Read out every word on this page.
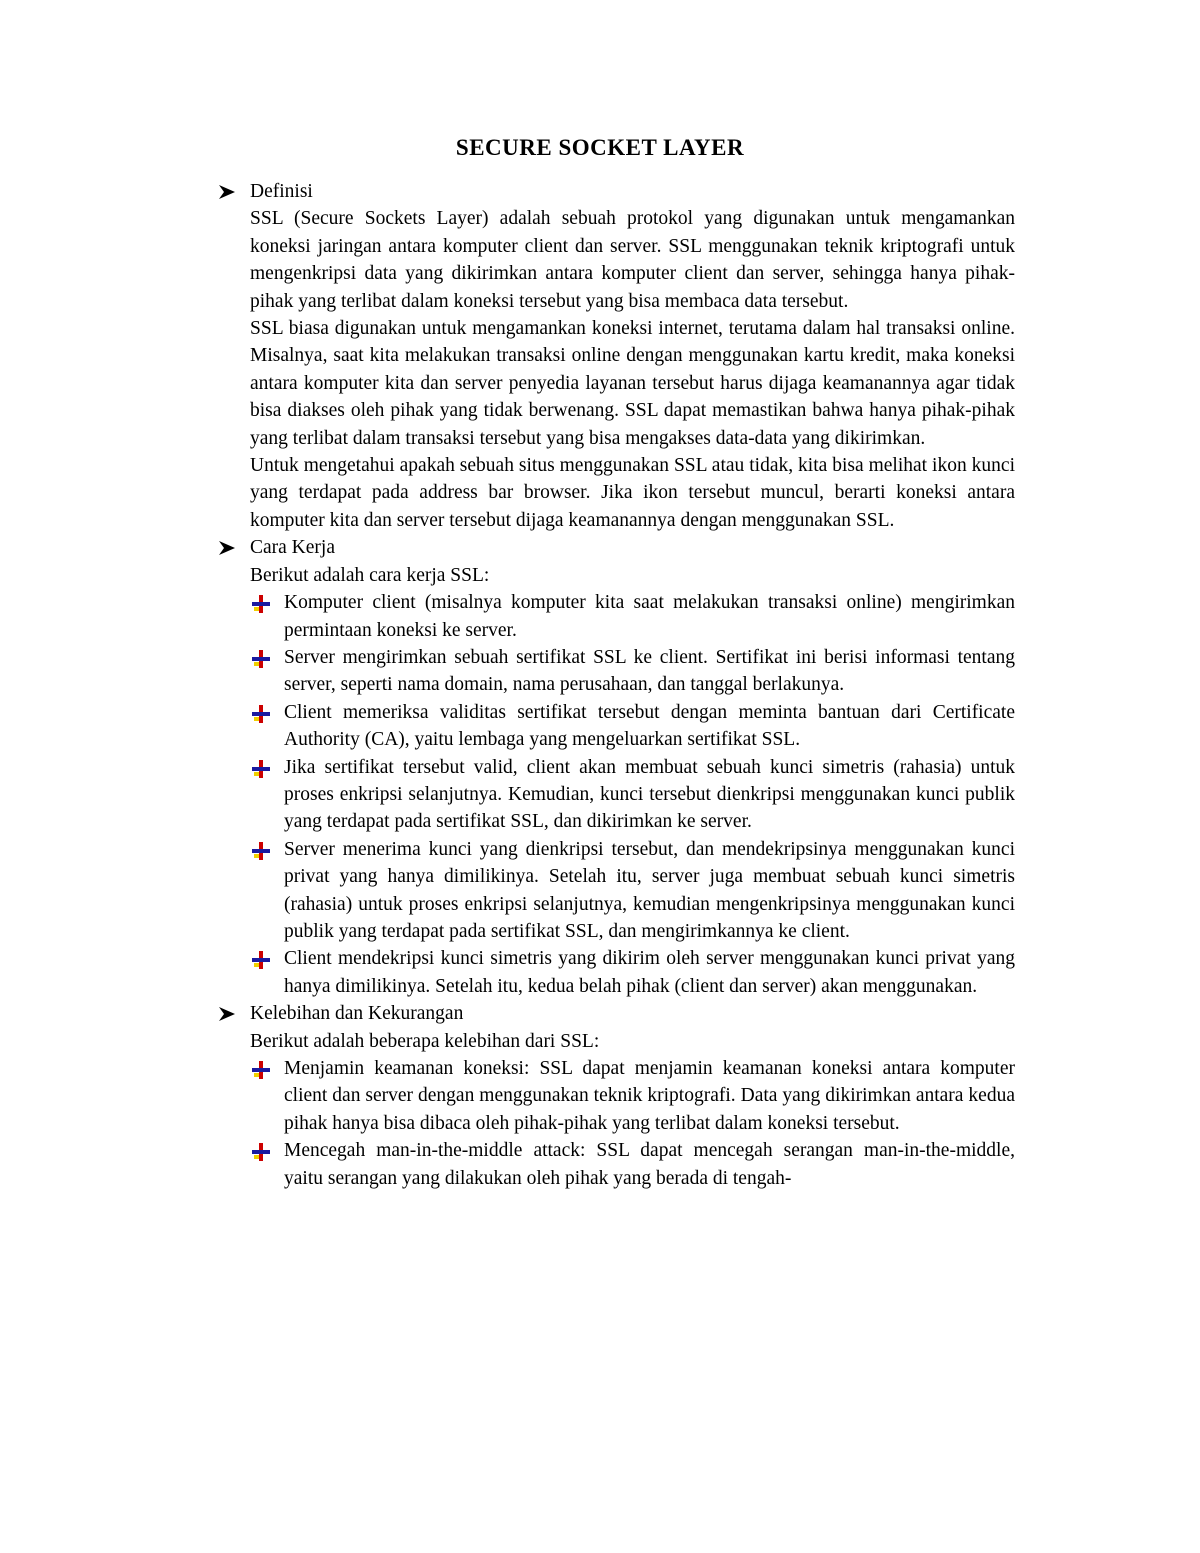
SECURE SOCKET LAYER
Definisi

SSL (Secure Sockets Layer) adalah sebuah protokol yang digunakan untuk mengamankan koneksi jaringan antara komputer client dan server. SSL menggunakan teknik kriptografi untuk mengenkripsi data yang dikirimkan antara komputer client dan server, sehingga hanya pihak-pihak yang terlibat dalam koneksi tersebut yang bisa membaca data tersebut.

SSL biasa digunakan untuk mengamankan koneksi internet, terutama dalam hal transaksi online. Misalnya, saat kita melakukan transaksi online dengan menggunakan kartu kredit, maka koneksi antara komputer kita dan server penyedia layanan tersebut harus dijaga keamanannya agar tidak bisa diakses oleh pihak yang tidak berwenang. SSL dapat memastikan bahwa hanya pihak-pihak yang terlibat dalam transaksi tersebut yang bisa mengakses data-data yang dikirimkan.

Untuk mengetahui apakah sebuah situs menggunakan SSL atau tidak, kita bisa melihat ikon kunci yang terdapat pada address bar browser. Jika ikon tersebut muncul, berarti koneksi antara komputer kita dan server tersebut dijaga keamanannya dengan menggunakan SSL.

Cara Kerja

Berikut adalah cara kerja SSL:

Komputer client (misalnya komputer kita saat melakukan transaksi online) mengirimkan permintaan koneksi ke server.
Server mengirimkan sebuah sertifikat SSL ke client. Sertifikat ini berisi informasi tentang server, seperti nama domain, nama perusahaan, dan tanggal berlakunya.
Client memeriksa validitas sertifikat tersebut dengan meminta bantuan dari Certificate Authority (CA), yaitu lembaga yang mengeluarkan sertifikat SSL.
Jika sertifikat tersebut valid, client akan membuat sebuah kunci simetris (rahasia) untuk proses enkripsi selanjutnya. Kemudian, kunci tersebut dienkripsi menggunakan kunci publik yang terdapat pada sertifikat SSL, dan dikirimkan ke server.
Server menerima kunci yang dienkripsi tersebut, dan mendekripsinya menggunakan kunci privat yang hanya dimilikinya. Setelah itu, server juga membuat sebuah kunci simetris (rahasia) untuk proses enkripsi selanjutnya, kemudian mengenkripsinya menggunakan kunci publik yang terdapat pada sertifikat SSL, dan mengirimkannya ke client.
Client mendekripsi kunci simetris yang dikirim oleh server menggunakan kunci privat yang hanya dimilikinya. Setelah itu, kedua belah pihak (client dan server) akan menggunakan.
Kelebihan dan Kekurangan

Berikut adalah beberapa kelebihan dari SSL:

Menjamin keamanan koneksi: SSL dapat menjamin keamanan koneksi antara komputer client dan server dengan menggunakan teknik kriptografi. Data yang dikirimkan antara kedua pihak hanya bisa dibaca oleh pihak-pihak yang terlibat dalam koneksi tersebut.
Mencegah man-in-the-middle attack: SSL dapat mencegah serangan man-in-the-middle, yaitu serangan yang dilakukan oleh pihak yang berada di tengah-
